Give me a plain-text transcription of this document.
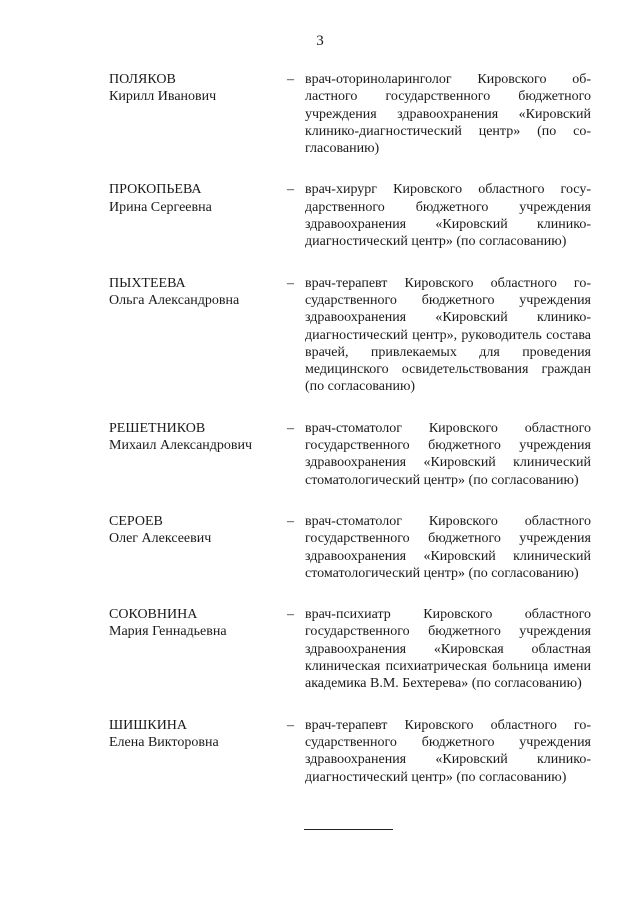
3
ПОЛЯКОВ
Кирилл Иванович
– врач-оториноларинголог Кировского областного государственного бюджетного учреждения здравоохранения «Кировский клинико-диагностический центр» (по согласованию)
ПРОКОПЬЕВА
Ирина Сергеевна
– врач-хирург Кировского областного государственного бюджетного учреждения здравоохранения «Кировский клинико-диагностический центр» (по согласованию)
ПЫХТЕЕВА
Ольга Александровна
– врач-терапевт Кировского областного государственного бюджетного учреждения здравоохранения «Кировский клинико-диагностический центр», руководитель состава врачей, привлекаемых для проведения медицинского освидетельствования граждан (по согласованию)
РЕШЕТНИКОВ
Михаил Александрович
– врач-стоматолог Кировского областного государственного бюджетного учреждения здравоохранения «Кировский клинический стоматологический центр» (по согласованию)
СЕРОЕВ
Олег Алексеевич
– врач-стоматолог Кировского областного государственного бюджетного учреждения здравоохранения «Кировский клинический стоматологический центр» (по согласованию)
СОКОВНИНА
Мария Геннадьевна
– врач-психиатр Кировского областного государственного бюджетного учреждения здравоохранения «Кировская областная клиническая психиатрическая больница имени академика В.М. Бехтерева» (по согласованию)
ШИШКИНА
Елена Викторовна
– врач-терапевт Кировского областного государственного бюджетного учреждения здравоохранения «Кировский клинико-диагностический центр» (по согласованию)
